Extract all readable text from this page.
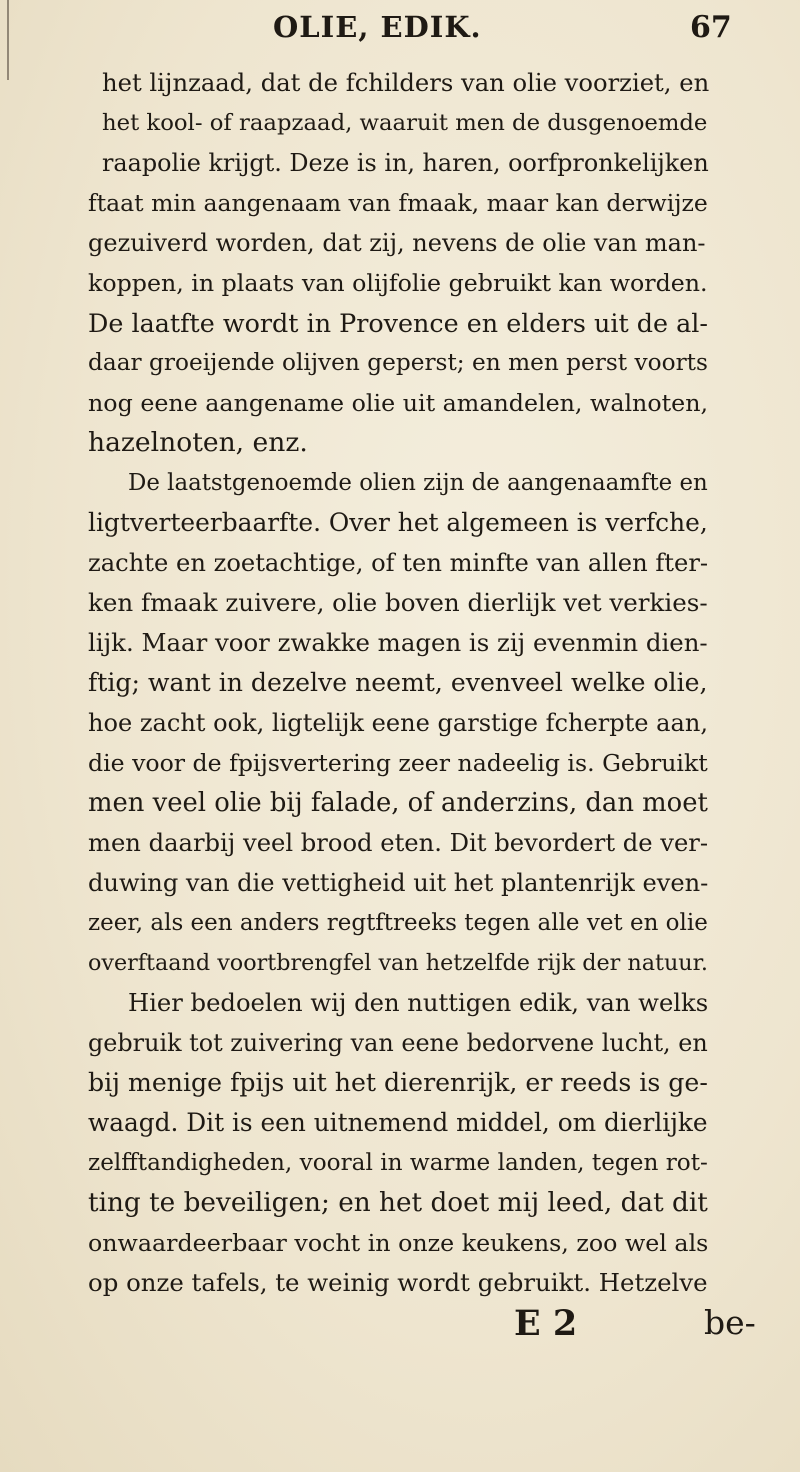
OLIE, EDIK.	67
het lijnzaad, dat de fchilders van olie voorziet, en
het kool- of raapzaad, waaruit men de dusgenoemde
raapolie krijgt. Deze is in, haren, oorfpronkelijken
ftaat min aangenaam van fmaak, maar kan derwijze
gezuiverd worden, dat zij, nevens de olie van man-
koppen, in plaats van olijfolie gebruikt kan worden.
De laatfte wordt in Provence en elders uit de al-
daar groeijende olijven geperst; en men perst voorts
nog eene aangename olie uit amandelen, walnoten,
hazelnoten, enz.
De laatstgenoemde olien zijn de aangenaamfte en
ligtverteerbaarfte. Over het algemeen is verfche,
zachte en zoetachtige, of ten minfte van allen fter-
ken fmaak zuivere, olie boven dierlijk vet verkies-
lijk. Maar voor zwakke magen is zij evenmin dien-
ftig; want in dezelve neemt, evenveel welke olie,
hoe zacht ook, ligtelijk eene garstige fcherpte aan,
die voor de fpijsvertering zeer nadeelig is. Gebruikt
men veel olie bij falade, of anderzins, dan moet
men daarbij veel brood eten. Dit bevordert de ver-
duwing van die vettigheid uit het plantenrijk even-
zeer, als een anders regtftreeks tegen alle vet en olie
overftaand voortbrengfel van hetzelfde rijk der natuur.
Hier bedoelen wij den nuttigen edik, van welks
gebruik tot zuivering van eene bedorvene lucht, en
bij menige fpijs uit het dierenrijk, er reeds is ge-
waagd. Dit is een uitnemend middel, om dierlijke
zelfftandigheden, vooral in warme landen, tegen rot-
ting te beveiligen; en het doet mij leed, dat dit
onwaardeerbaar vocht in onze keukens, zoo wel als
op onze tafels, te weinig wordt gebruikt. Hetzelve
E 2	be-
